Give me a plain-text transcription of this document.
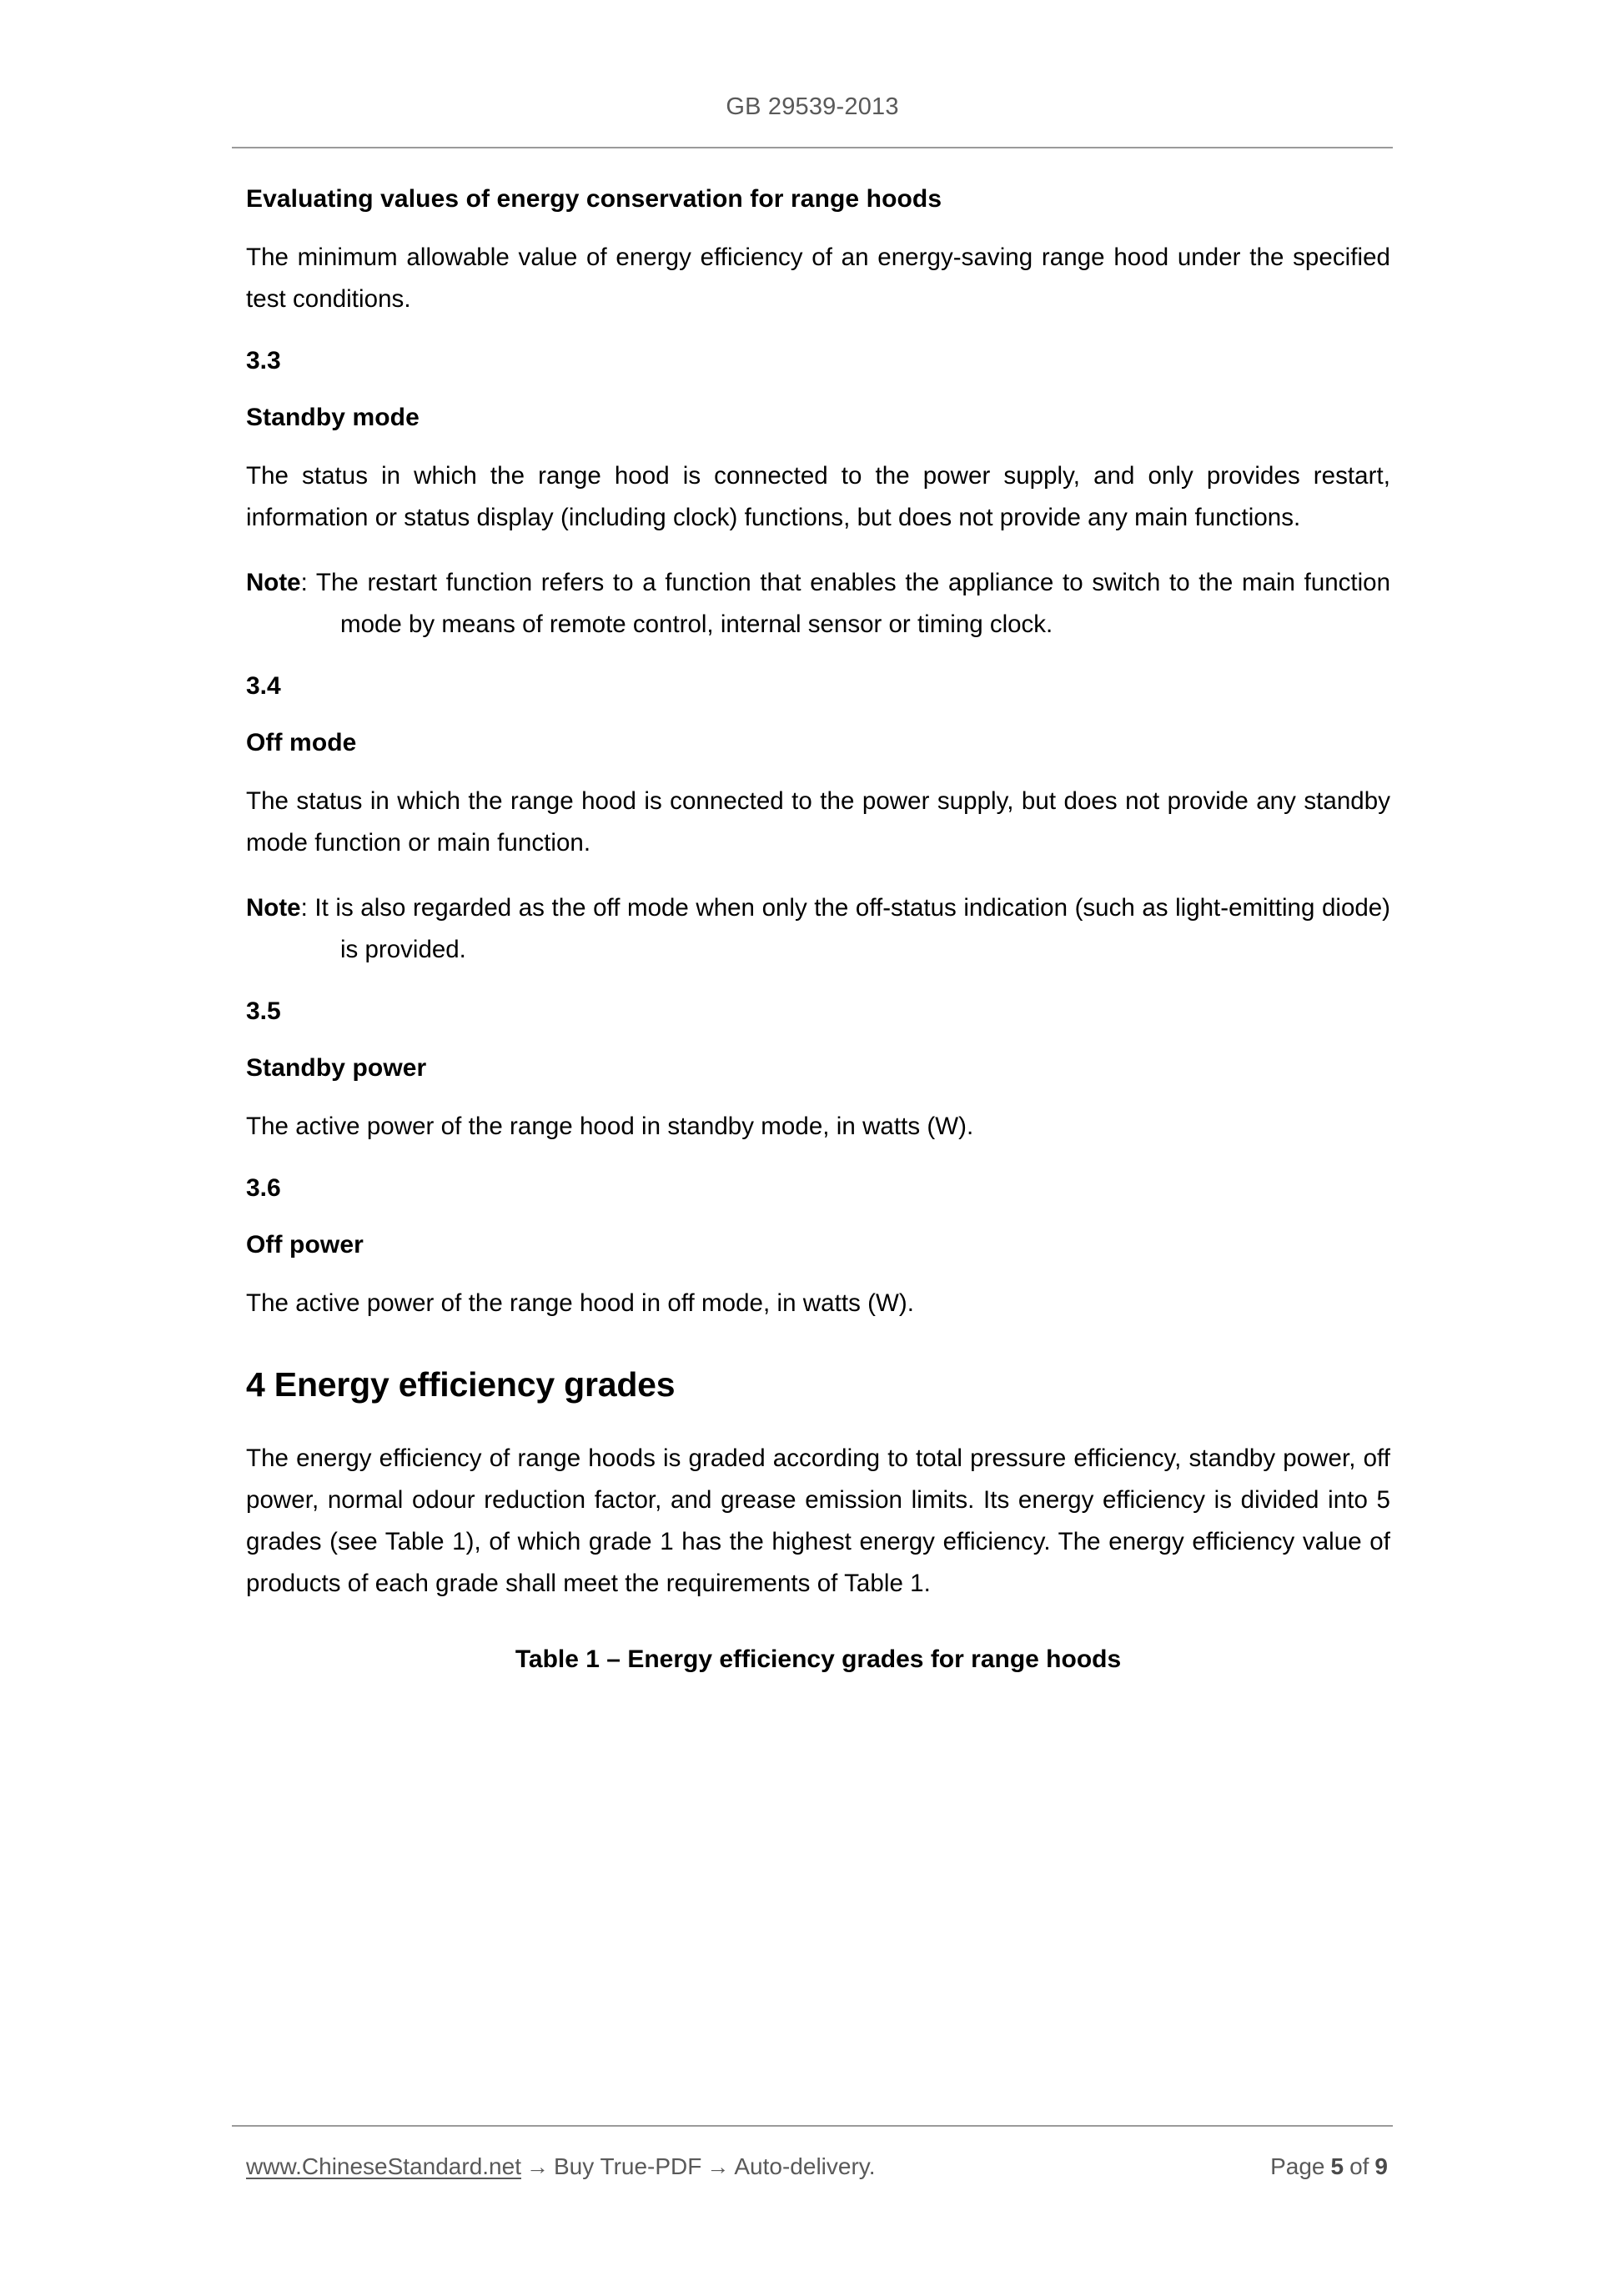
GB 29539-2013
Evaluating values of energy conservation for range hoods
The minimum allowable value of energy efficiency of an energy-saving range hood under the specified test conditions.
3.3
Standby mode
The status in which the range hood is connected to the power supply, and only provides restart, information or status display (including clock) functions, but does not provide any main functions.
Note: The restart function refers to a function that enables the appliance to switch to the main function mode by means of remote control, internal sensor or timing clock.
3.4
Off mode
The status in which the range hood is connected to the power supply, but does not provide any standby mode function or main function.
Note: It is also regarded as the off mode when only the off-status indication (such as light-emitting diode) is provided.
3.5
Standby power
The active power of the range hood in standby mode, in watts (W).
3.6
Off power
The active power of the range hood in off mode, in watts (W).
4 Energy efficiency grades
The energy efficiency of range hoods is graded according to total pressure efficiency, standby power, off power, normal odour reduction factor, and grease emission limits. Its energy efficiency is divided into 5 grades (see Table 1), of which grade 1 has the highest energy efficiency. The energy efficiency value of products of each grade shall meet the requirements of Table 1.
Table 1 – Energy efficiency grades for range hoods
www.ChineseStandard.net → Buy True-PDF → Auto-delivery.	Page 5 of 9
